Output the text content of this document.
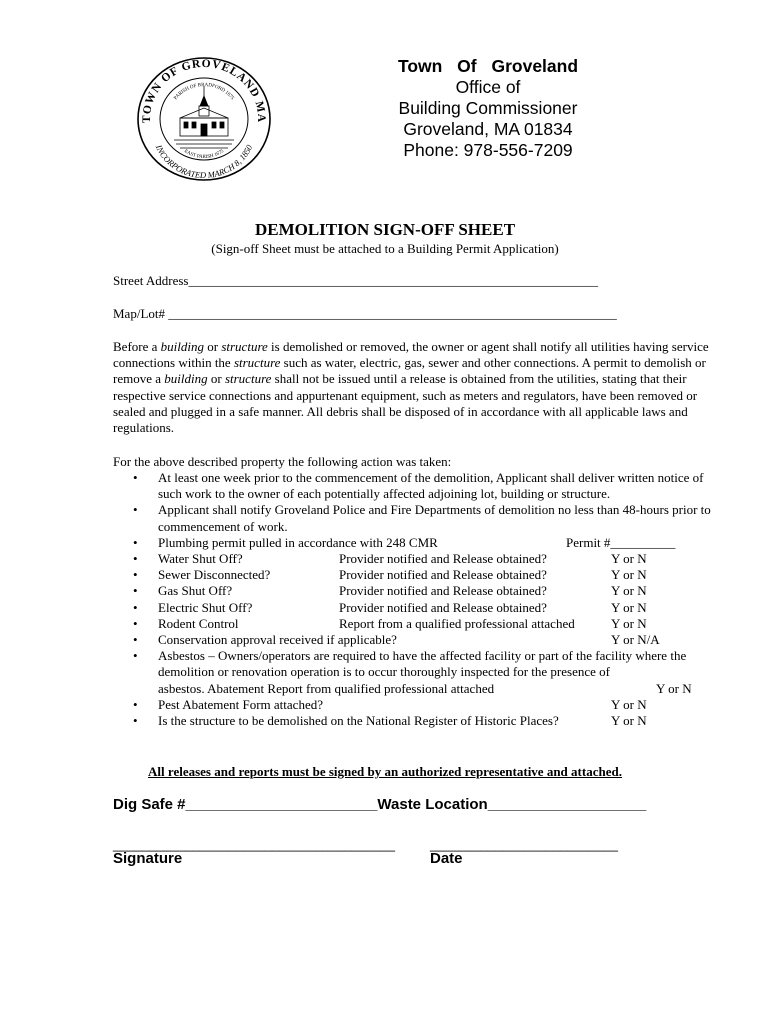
TOWN OF GROVELAND MA
INCORPORATED MARCH 8, 1850
PARISH OF BRADFORD 1675
EAST PARISH 1675
Town Of Groveland
Office of
Building Commissioner
Groveland, MA 01834
Phone: 978-556-7209
DEMOLITION SIGN-OFF SHEET
(Sign-off Sheet must be attached to a Building Permit Application)
Street Address_______________________________________________________________
Map/Lot# _____________________________________________________________________
Before a building or structure is demolished or removed, the owner or agent shall notify all utilities having service connections within the structure such as water, electric, gas, sewer and other connections. A permit to demolish or remove a building or structure shall not be issued until a release is obtained from the utilities, stating that their respective service connections and appurtenant equipment, such as meters and regulators, have been removed or sealed and plugged in a safe manner. All debris shall be disposed of in accordance with all applicable laws and regulations.
For the above described property the following action was taken:
• At least one week prior to the commencement of the demolition, Applicant shall deliver written notice of such work to the owner of each potentially affected adjoining lot, building or structure.
• Applicant shall notify Groveland Police and Fire Departments of demolition no less than 48-hours prior to commencement of work.
• Plumbing permit pulled in accordance with 248 CMR	Permit #__________
• Water Shut Off?	Provider notified and Release obtained?	Y or N
• Sewer Disconnected?	Provider notified and Release obtained?	Y or N
• Gas Shut Off?	Provider notified and Release obtained?	Y or N
• Electric Shut Off?	Provider notified and Release obtained?	Y or N
• Rodent Control	Report from a qualified professional attached	Y or N
• Conservation approval received if applicable?	Y or N/A
• Asbestos – Owners/operators are required to have the affected facility or part of the facility where the demolition or renovation operation is to occur thoroughly inspected for the presence of

asbestos. Abatement Report from qualified professional attached	Y or N
• Pest Abatement Form attached?	Y or N
• Is the structure to be demolished on the National Register of Historic Places?	Y or N
All releases and reports must be signed by an authorized representative and attached.
Dig Safe #_______________________Waste Location___________________
_______________________________________	__________________________
Signature	Date
